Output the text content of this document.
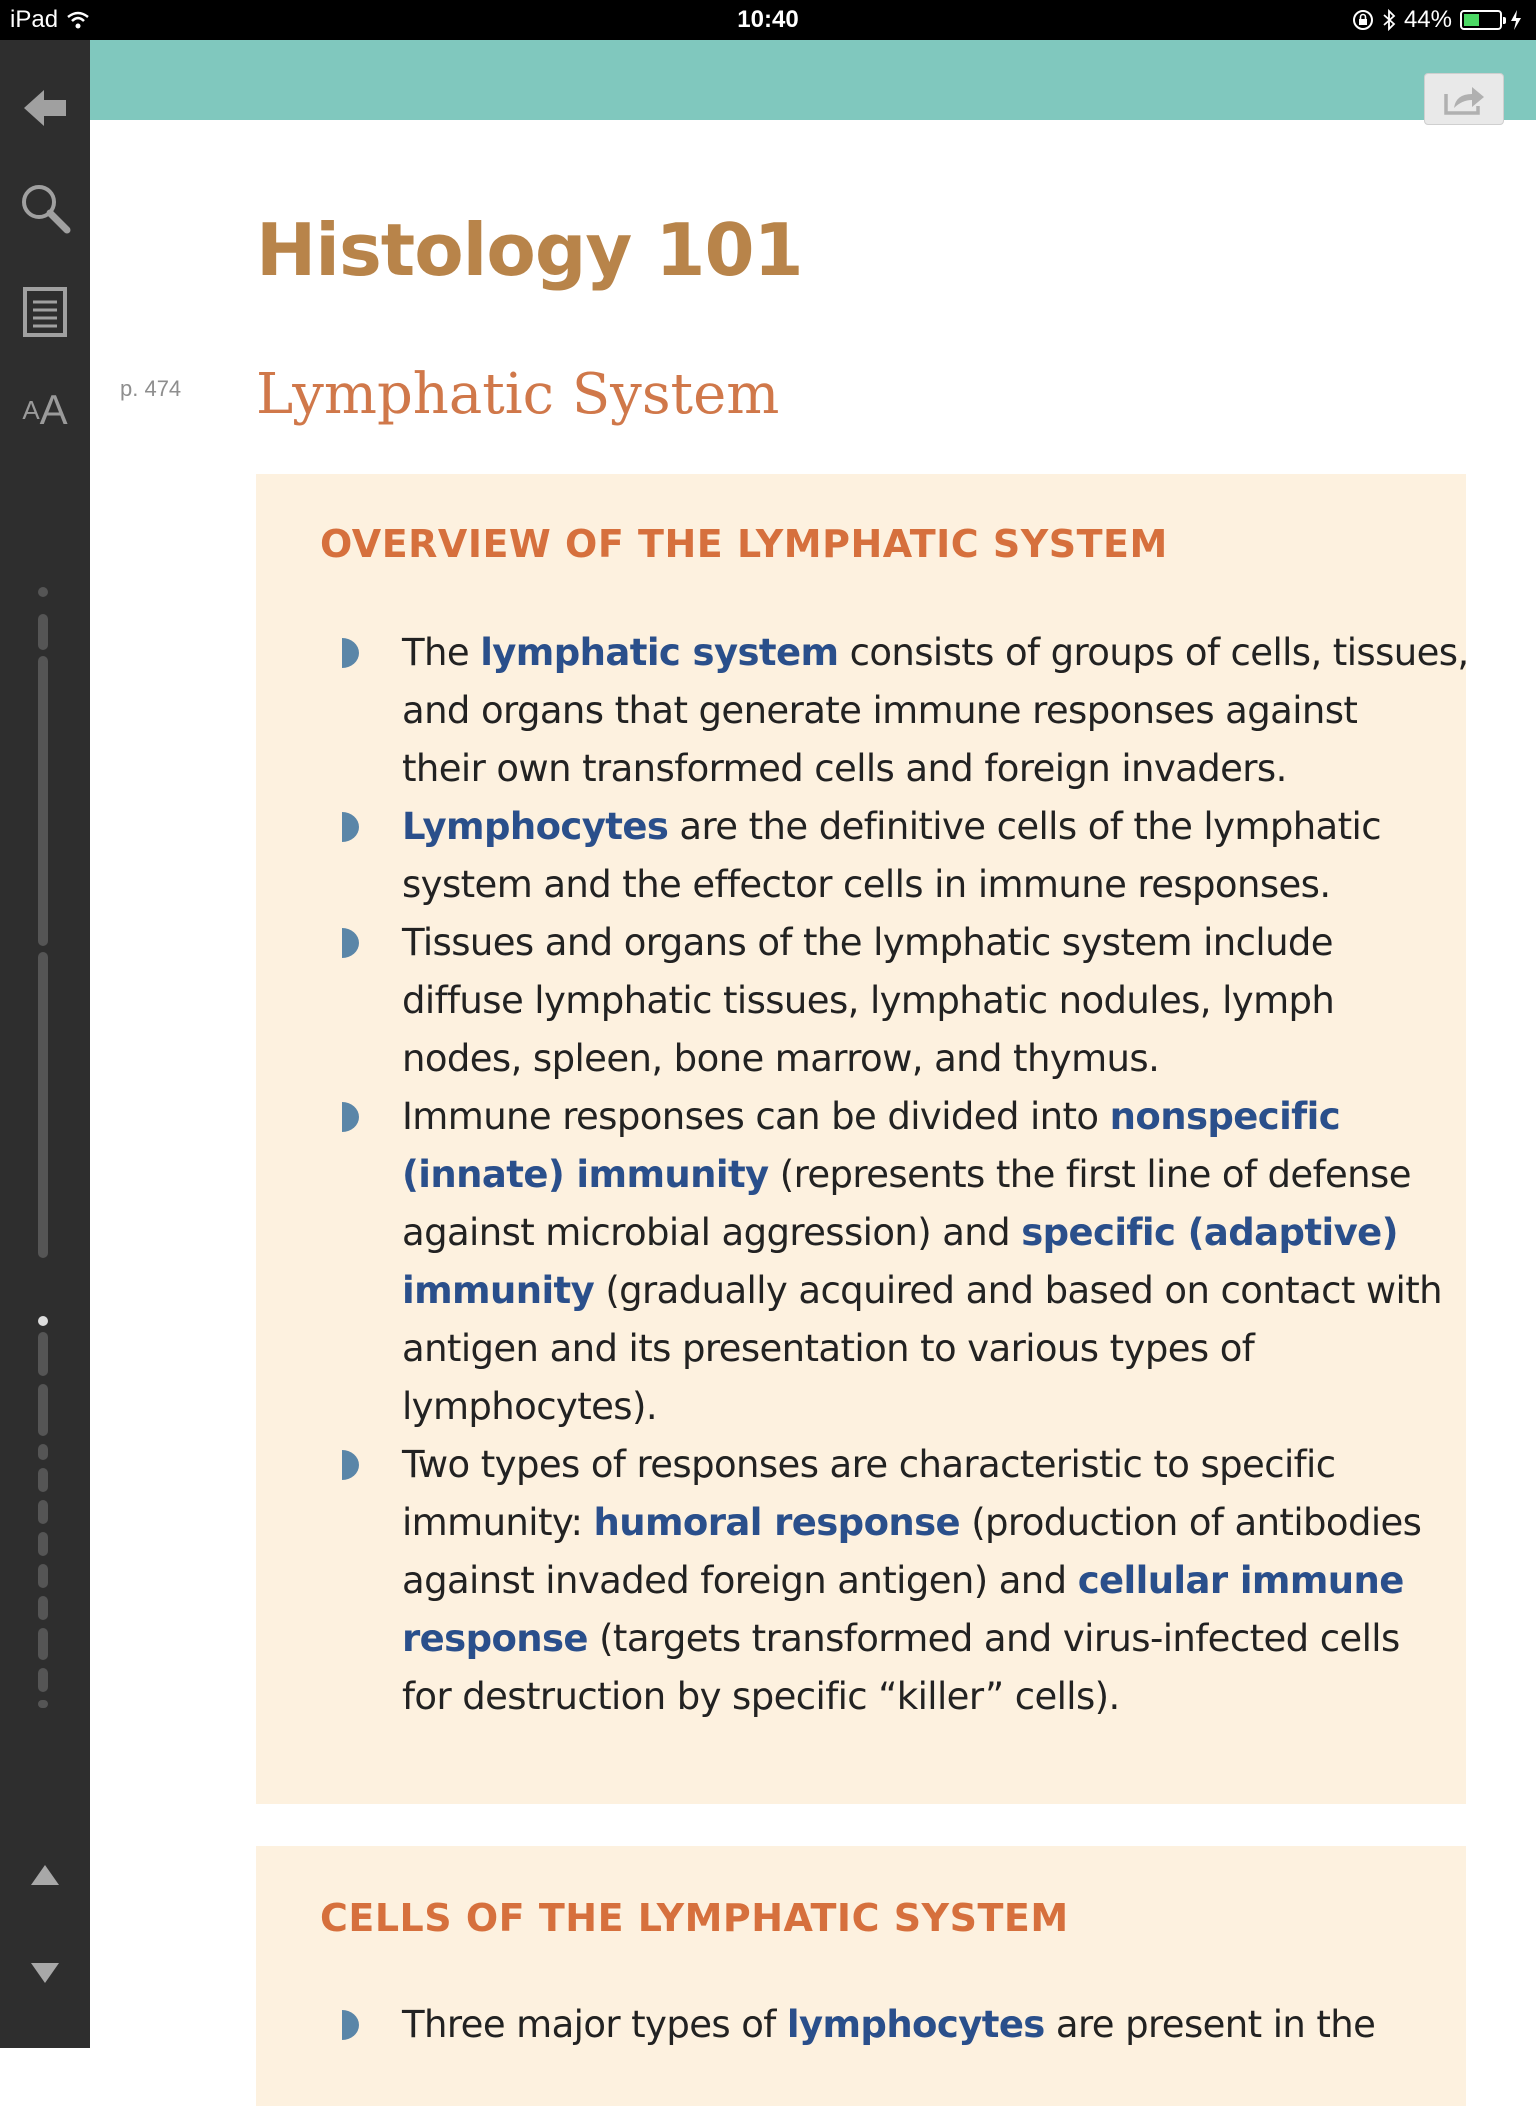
iPad	10:40	44%
A A
Histology 101
p. 474 Lymphatic System
OVERVIEW OF THE LYMPHATIC SYSTEM
The lymphatic system consists of groups of cells, tissues,
and organs that generate immune responses against
their own transformed cells and foreign invaders.
Lymphocytes are the definitive cells of the lymphatic
system and the effector cells in immune responses.
Tissues and organs of the lymphatic system include
diffuse lymphatic tissues, lymphatic nodules, lymph
nodes, spleen, bone marrow, and thymus.
Immune responses can be divided into nonspecific
(innate) immunity (represents the first line of defense
against microbial aggression) and specific (adaptive)
immunity (gradually acquired and based on contact with
antigen and its presentation to various types of
lymphocytes).
Two types of responses are characteristic to specific
immunity: humoral response (production of antibodies
against invaded foreign antigen) and cellular immune
response (targets transformed and virus-infected cells
for destruction by specific “killer” cells).
CELLS OF THE LYMPHATIC SYSTEM
Three major types of lymphocytes are present in the
